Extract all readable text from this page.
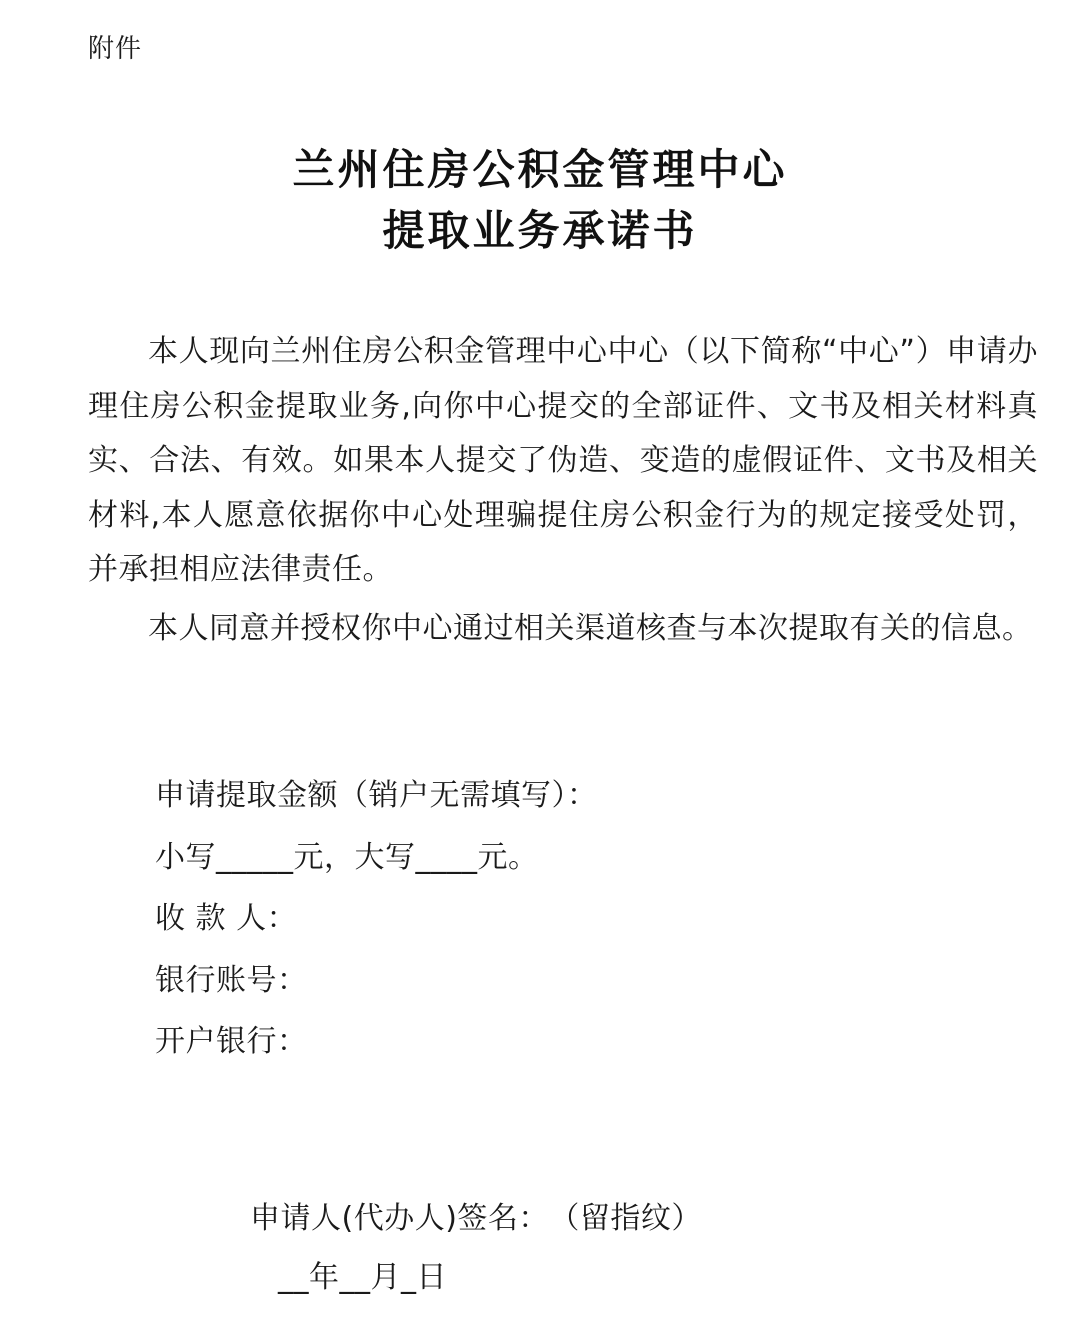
附件
兰州住房公积金管理中心
提取业务承诺书

本人现向兰州住房公积金管理中心中心（以下简称“中心”）申请办理住房公积金提取业务,向你中心提交的全部证件、文书及相关材料真实、合法、有效。如果本人提交了伪造、变造的虚假证件、文书及相关材料,本人愿意依据你中心处理骗提住房公积金行为的规定接受处罚，并承担相应法律责任。

本人同意并授权你中心通过相关渠道核查与本次提取有关的信息。

申请提取金额（销户无需填写）：
小写_____元，大写____元。
收 款 人：
银行账号：
开户银行：
申请人(代办人)签名：　（留指纹）
__年__月_日
